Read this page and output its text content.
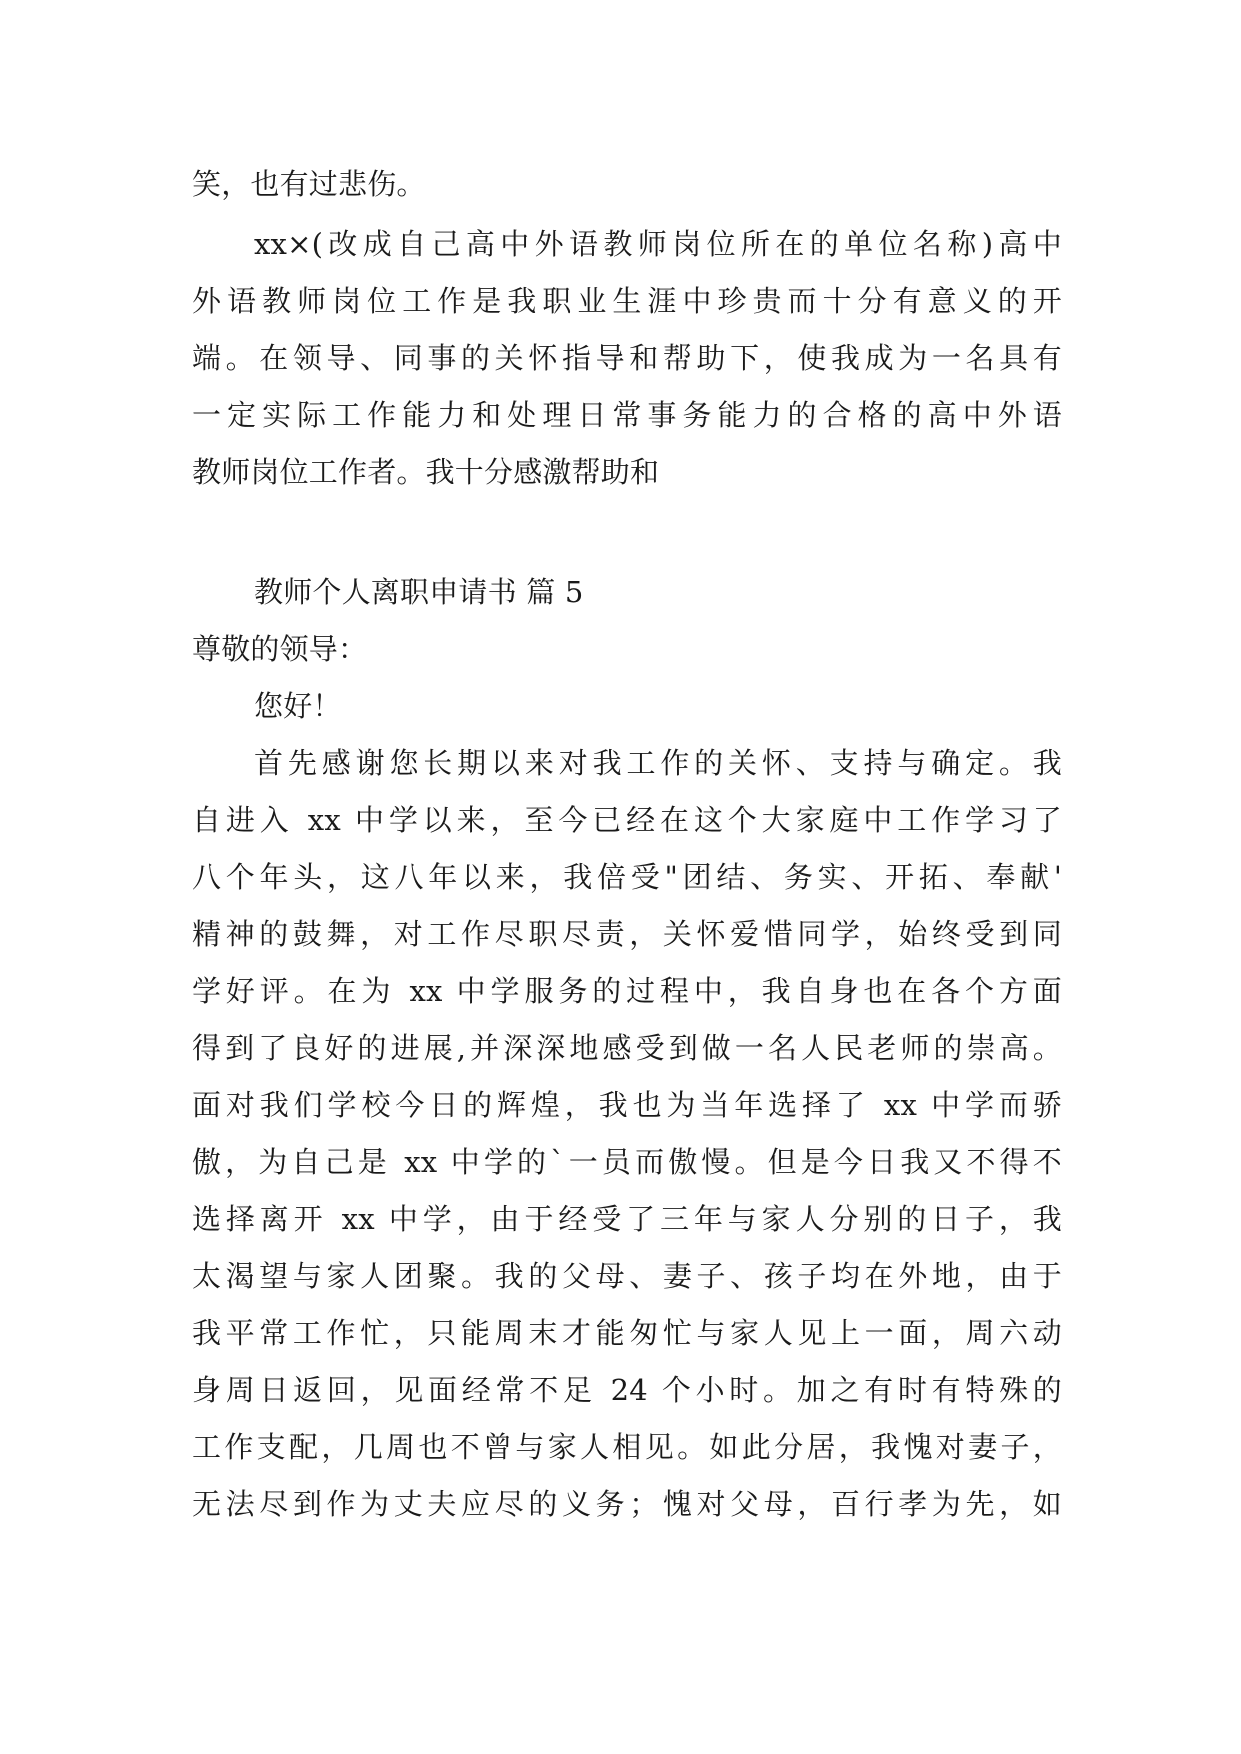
笑，也有过悲伤。
xx×(改成自己高中外语教师岗位所在的单位名称)高中
外语教师岗位工作是我职业生涯中珍贵而十分有意义的开
端。在领导、同事的关怀指导和帮助下，使我成为一名具有
一定实际工作能力和处理日常事务能力的合格的高中外语
教师岗位工作者。我十分感激帮助和
教师个人离职申请书 篇 5
尊敬的领导：
您好！
首先感谢您长期以来对我工作的关怀、支持与确定。我
自进入 xx 中学以来，至今已经在这个大家庭中工作学习了
八个年头，这八年以来，我倍受"团结、务实、开拓、奉献'
精神的鼓舞，对工作尽职尽责，关怀爱惜同学，始终受到同
学好评。在为 xx 中学服务的过程中，我自身也在各个方面
得到了良好的进展,并深深地感受到做一名人民老师的崇高。
面对我们学校今日的辉煌，我也为当年选择了 xx 中学而骄
傲，为自己是 xx 中学的`一员而傲慢。但是今日我又不得不
选择离开 xx 中学，由于经受了三年与家人分别的日子，我
太渴望与家人团聚。我的父母、妻子、孩子均在外地，由于
我平常工作忙，只能周末才能匆忙与家人见上一面，周六动
身周日返回，见面经常不足 24 个小时。加之有时有特殊的
工作支配，几周也不曾与家人相见。如此分居，我愧对妻子，
无法尽到作为丈夫应尽的义务；愧对父母，百行孝为先，如
